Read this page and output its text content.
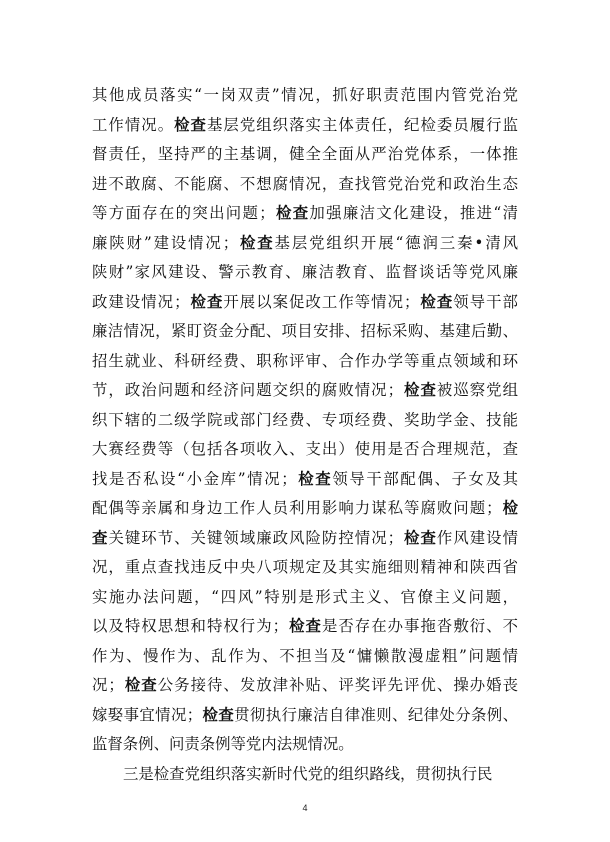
其他成员落实“一岗双责”情况，抓好职责范围内管党治党
工作情况。检查基层党组织落实主体责任，纪检委员履行监
督责任，坚持严的主基调，健全全面从严治党体系，一体推
进不敢腐、不能腐、不想腐情况，查找管党治党和政治生态
等方面存在的突出问题；检查加强廉洁文化建设，推进“清
廉陕财”建设情况；检查基层党组织开展“德润三秦•清风
陕财”家风建设、警示教育、廉洁教育、监督谈话等党风廉
政建设情况；检查开展以案促改工作等情况；检查领导干部
廉洁情况，紧盯资金分配、项目安排、招标采购、基建后勤、
招生就业、科研经费、职称评审、合作办学等重点领域和环
节，政治问题和经济问题交织的腐败情况；检查被巡察党组
织下辖的二级学院或部门经费、专项经费、奖助学金、技能
大赛经费等（包括各项收入、支出）使用是否合理规范，查
找是否私设“小金库”情况；检查领导干部配偶、子女及其
配偶等亲属和身边工作人员利用影响力谋私等腐败问题；检
查关键环节、关键领域廉政风险防控情况；检查作风建设情
况，重点查找违反中央八项规定及其实施细则精神和陕西省
实施办法问题，“四风”特别是形式主义、官僚主义问题，
以及特权思想和特权行为；检查是否存在办事拖沓敷衍、不
作为、慢作为、乱作为、不担当及“慵懒散漫虚粗”问题情
况；检查公务接待、发放津补贴、评奖评先评优、操办婚丧
嫁娶事宜情况；检查贯彻执行廉洁自律准则、纪律处分条例、
监督条例、问责条例等党内法规情况。
三是检查党组织落实新时代党的组织路线，贯彻执行民
4
